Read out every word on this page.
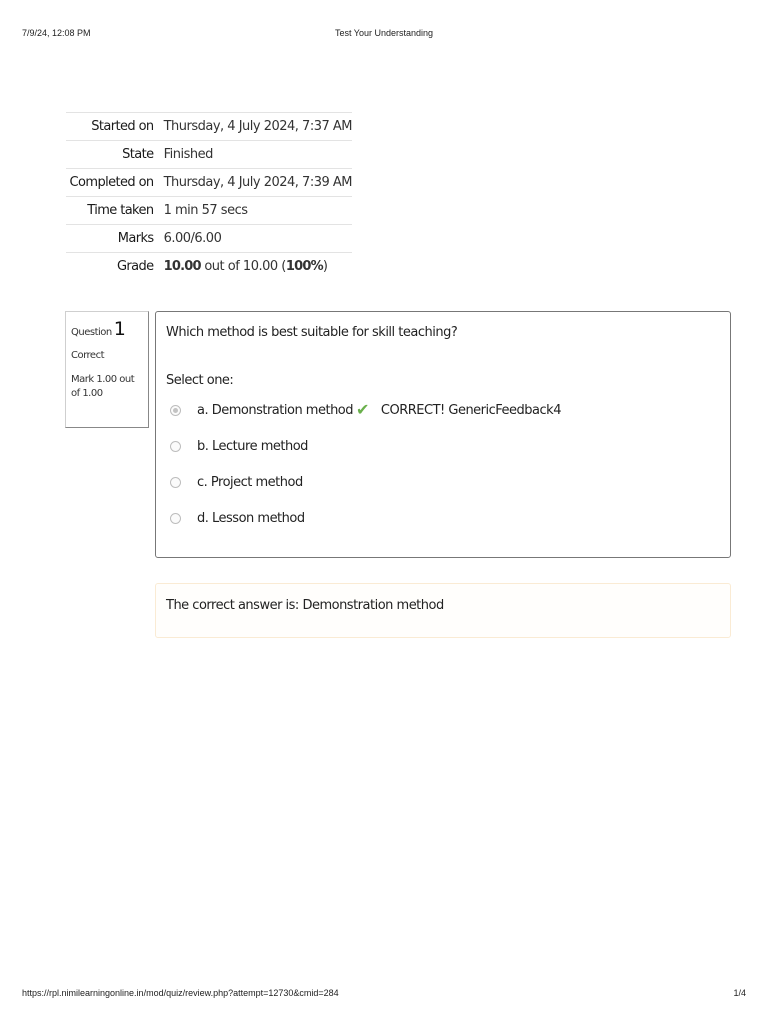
7/9/24, 12:08 PM	Test Your Understanding
Started on	Thursday, 4 July 2024, 7:37 AM
State	Finished
Completed on	Thursday, 4 July 2024, 7:39 AM
Time taken	1 min 57 secs
Marks	6.00/6.00
Grade	10.00 out of 10.00 (100%)
Question 1
Correct
Mark 1.00 out of 1.00

Which method is best suitable for skill teaching?

Select one:
a. Demonstration method ✔ CORRECT! GenericFeedback4
b. Lecture method
c. Project method
d. Lesson method
The correct answer is: Demonstration method
https://rpl.nimilearningonline.in/mod/quiz/review.php?attempt=12730&cmid=284	1/4
